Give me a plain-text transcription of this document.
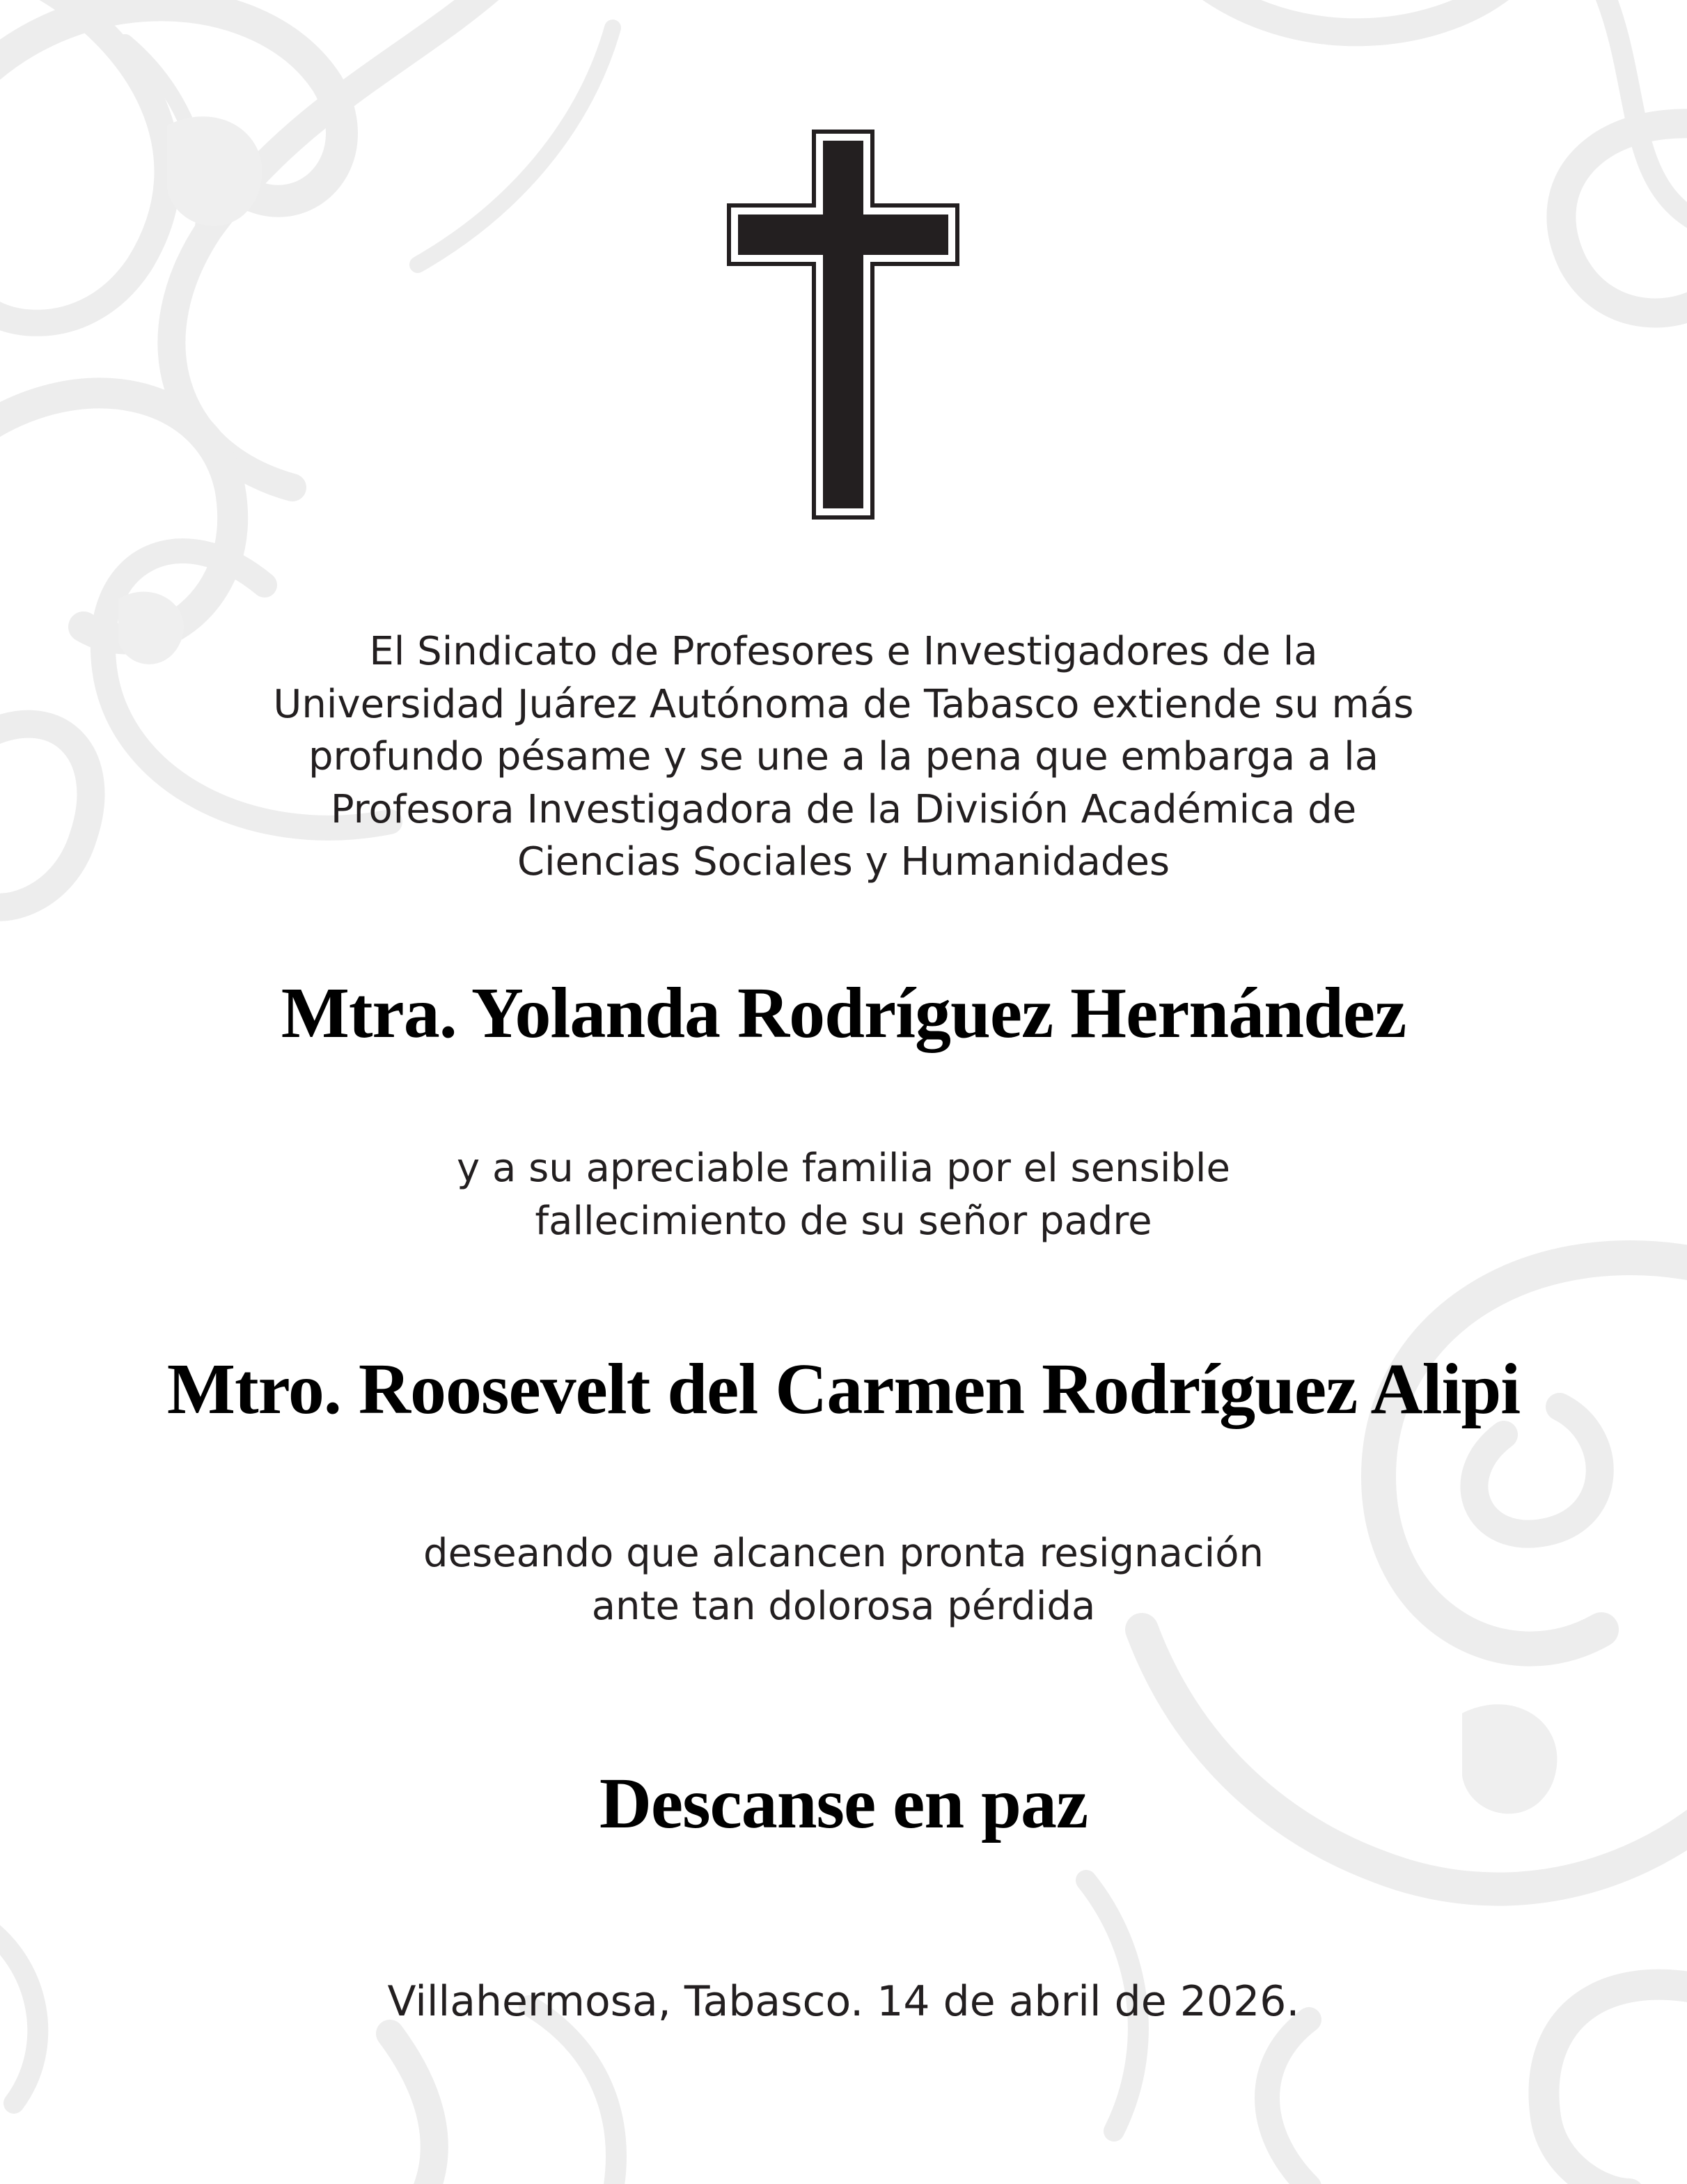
El Sindicato de Profesores e Investigadores de la
Universidad Juárez Autónoma de Tabasco extiende su más
profundo pésame y se une a la pena que embarga a la
Profesora Investigadora de la División Académica de
Ciencias Sociales y Humanidades
Mtra. Yolanda Rodríguez Hernández
y a su apreciable familia por el sensible
fallecimiento de su señor padre
Mtro. Roosevelt del Carmen Rodríguez Alipi
deseando que alcancen pronta resignación
ante tan dolorosa pérdida
Descanse en paz
Villahermosa, Tabasco. 14 de abril de 2026.
